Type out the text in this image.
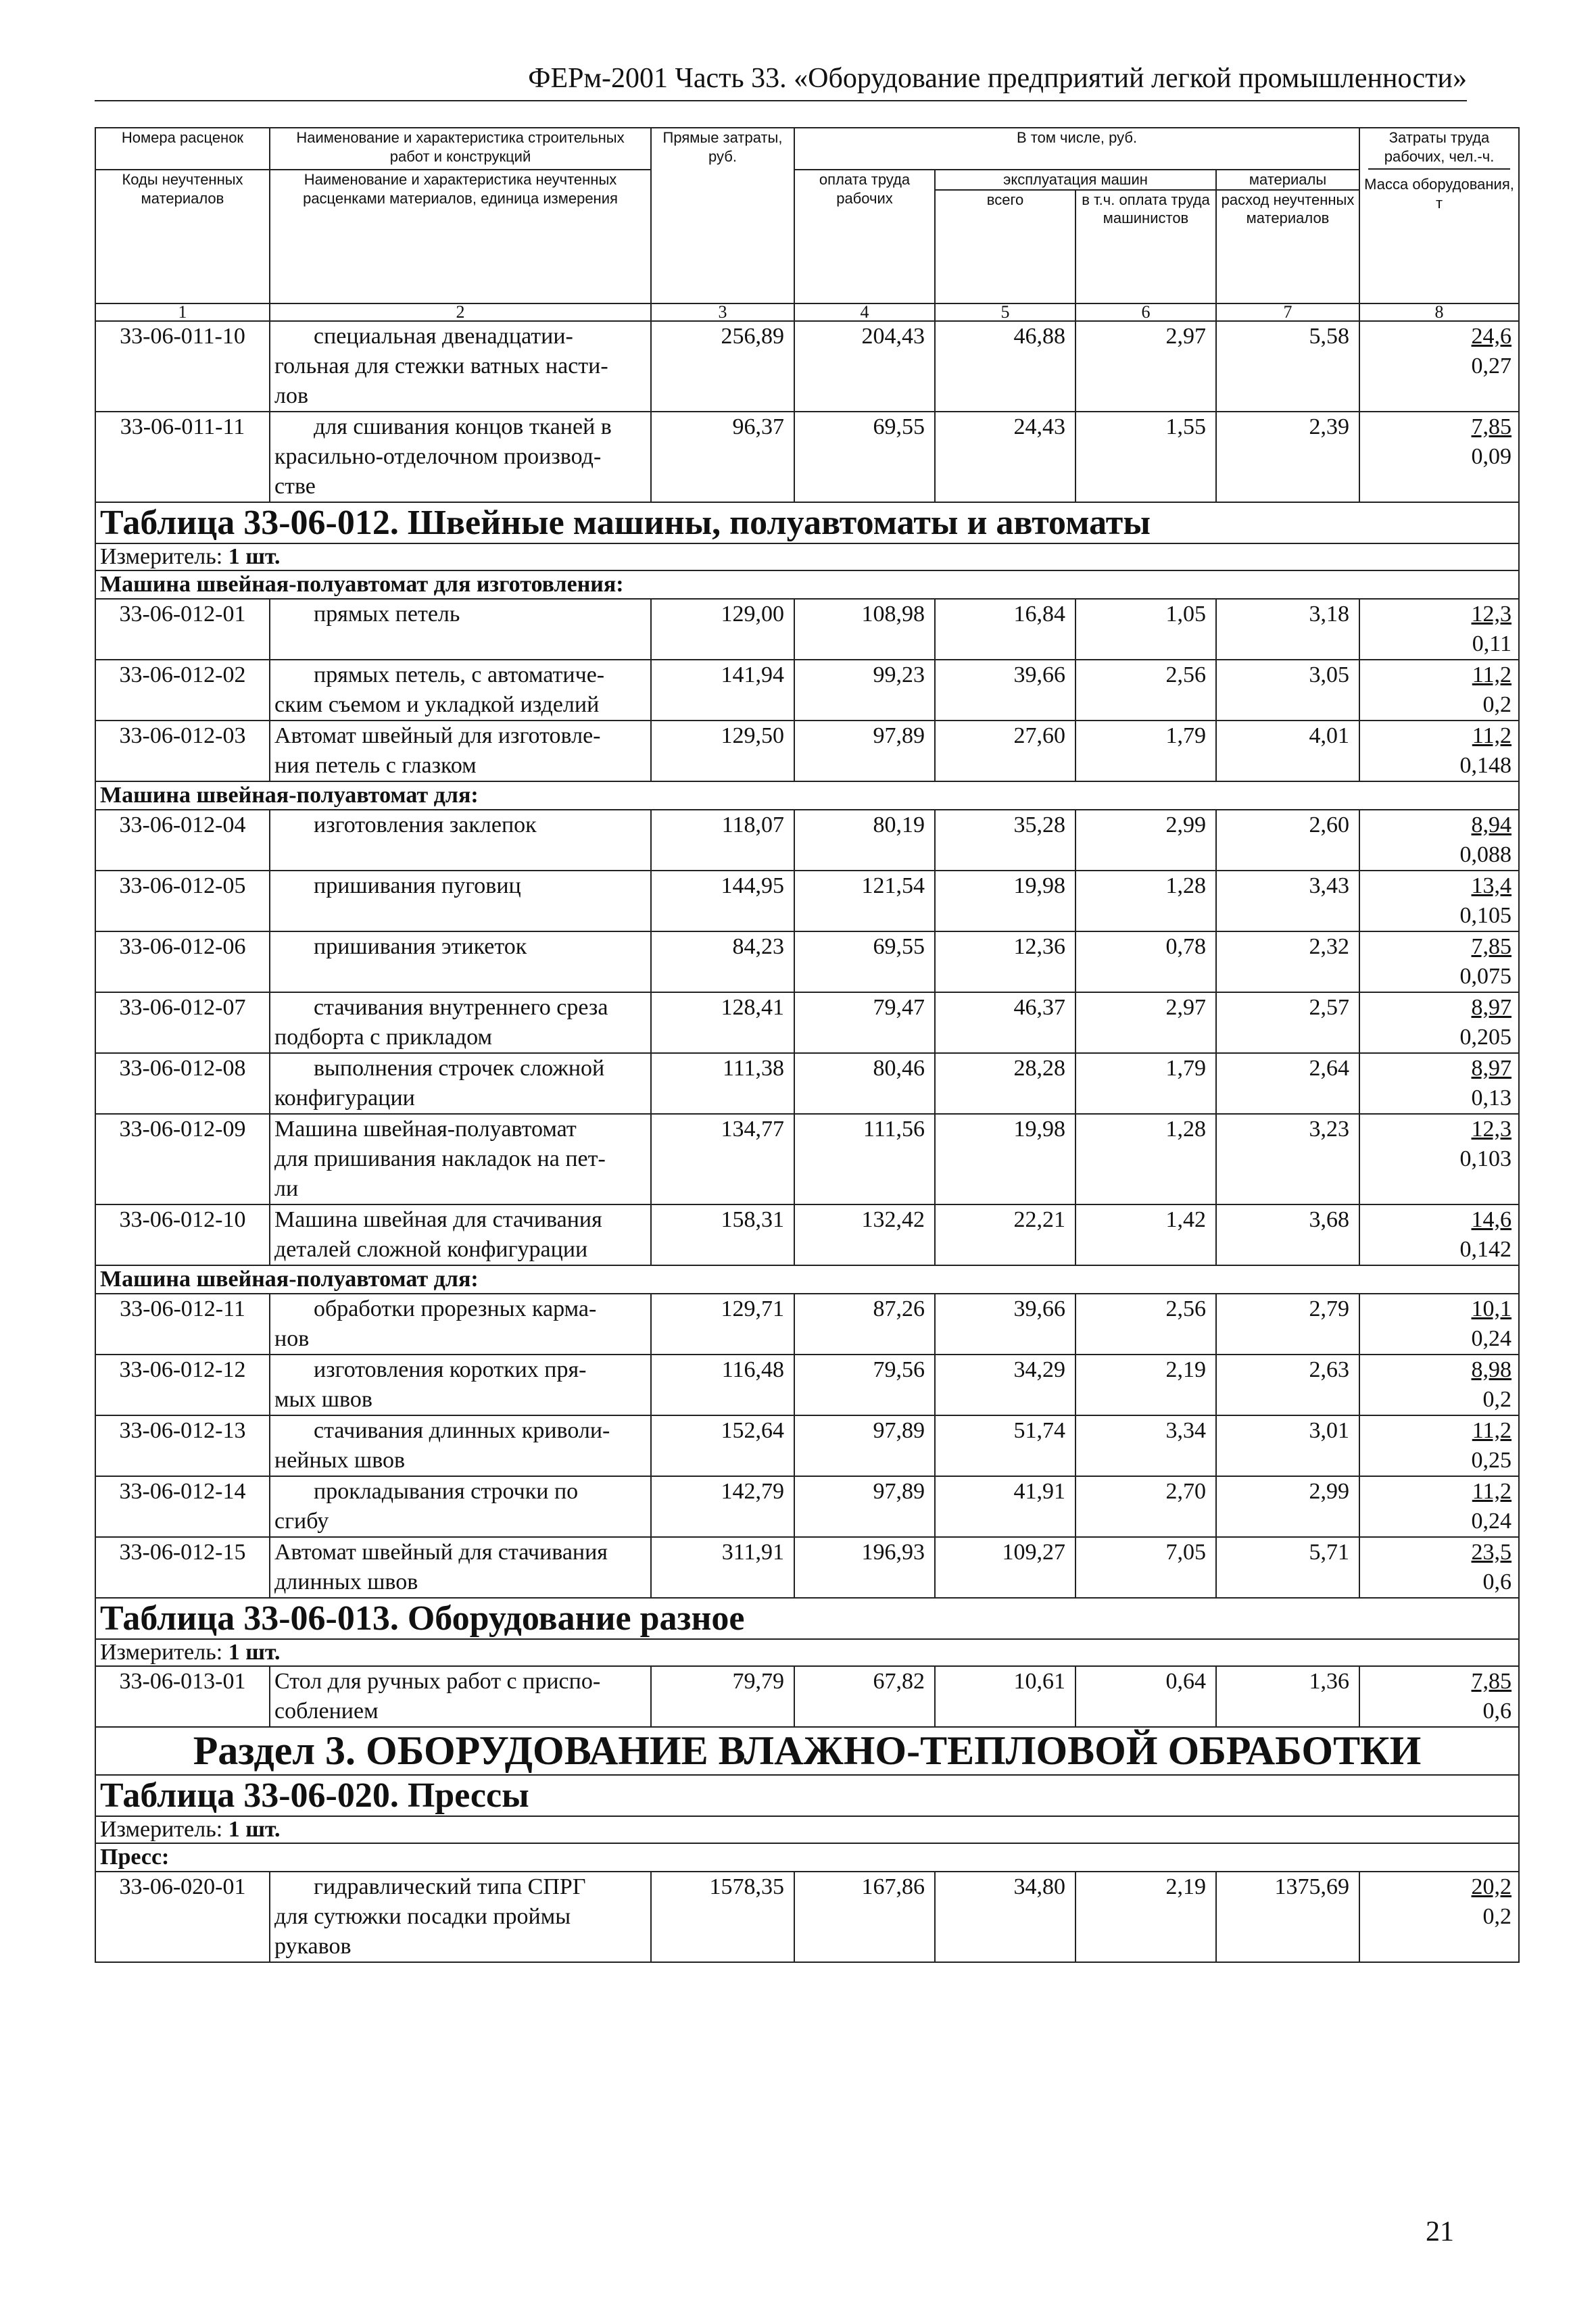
ФЕРм-2001 Часть 33. «Оборудование предприятий легкой промышленности»
Номера расценок	Наименование и характеристика строительных работ и конструкций	Прямые затраты, руб.	В том числе, руб.				Затраты труда рабочих, чел.-ч.
Масса оборудования, т

Коды неучтенных материалов	Наименование и характеристика неучтенных расценками материалов, единица измерения		оплата труда рабочих	эксплуатация машин		материалы	
				всего	в т.ч. оплата труда машинистов	расход неучтенных материалов	
1	2	3	4	5	6	7	8
33-06-011-10	специальная двенадцатии-
гольная для стежки ватных насти-
лов	256,89	204,43	46,88	2,97	5,58	24,6
0,27

33-06-011-11	для сшивания концов тканей в
красильно-отделочном производ-
стве	96,37	69,55	24,43	1,55	2,39	7,85
0,09

Таблица 33-06-012. Швейные машины, полуавтоматы и автоматы							
Измеритель: 1 шт.							
Машина швейная-полуавтомат для изготовления:							
33-06-012-01	прямых петель	129,00	108,98	16,84	1,05	3,18	12,3
0,11

33-06-012-02	прямых петель, с автоматиче-
ским съемом и укладкой изделий	141,94	99,23	39,66	2,56	3,05	11,2
0,2

33-06-012-03	Автомат швейный для изготовле-
ния петель с глазком	129,50	97,89	27,60	1,79	4,01	11,2
0,148

Машина швейная-полуавтомат для:							
33-06-012-04	изготовления заклепок	118,07	80,19	35,28	2,99	2,60	8,94
0,088

33-06-012-05	пришивания пуговиц	144,95	121,54	19,98	1,28	3,43	13,4
0,105

33-06-012-06	пришивания этикеток	84,23	69,55	12,36	0,78	2,32	7,85
0,075

33-06-012-07	стачивания внутреннего среза
подборта с прикладом	128,41	79,47	46,37	2,97	2,57	8,97
0,205

33-06-012-08	выполнения строчек сложной
конфигурации	111,38	80,46	28,28	1,79	2,64	8,97
0,13

33-06-012-09	Машина швейная-полуавтомат
для пришивания накладок на пет-
ли	134,77	111,56	19,98	1,28	3,23	12,3
0,103

33-06-012-10	Машина швейная для стачивания
деталей сложной конфигурации	158,31	132,42	22,21	1,42	3,68	14,6
0,142

Машина швейная-полуавтомат для:							
33-06-012-11	обработки прорезных карма-
нов	129,71	87,26	39,66	2,56	2,79	10,1
0,24

33-06-012-12	изготовления коротких пря-
мых швов	116,48	79,56	34,29	2,19	2,63	8,98
0,2

33-06-012-13	стачивания длинных криволи-
нейных швов	152,64	97,89	51,74	3,34	3,01	11,2
0,25

33-06-012-14	прокладывания строчки по
сгибу	142,79	97,89	41,91	2,70	2,99	11,2
0,24

33-06-012-15	Автомат швейный для стачивания
длинных швов	311,91	196,93	109,27	7,05	5,71	23,5
0,6

Таблица 33-06-013. Оборудование разное							
Измеритель: 1 шт.							
33-06-013-01	Стол для ручных работ с приспо-
соблением	79,79	67,82	10,61	0,64	1,36	7,85
0,6

Раздел 3. ОБОРУДОВАНИЕ ВЛАЖНО-ТЕПЛОВОЙ ОБРАБОТКИ							
Таблица 33-06-020. Прессы							
Измеритель: 1 шт.							
Пресс:							
33-06-020-01	гидравлический типа СПРГ
для сутюжки посадки проймы
рукавов	1578,35	167,86	34,80	2,19	1375,69	20,2
0,2
21
